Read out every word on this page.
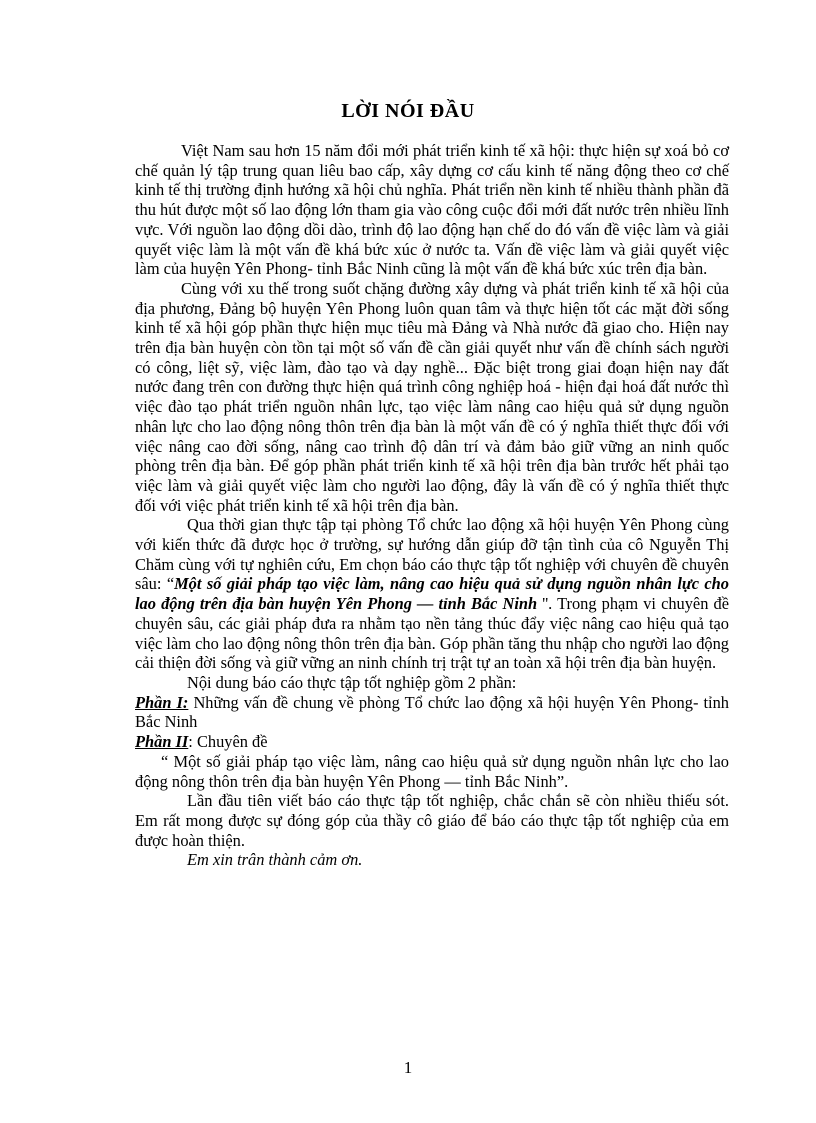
LỜI NÓI ĐẦU

Việt Nam sau hơn 15 năm đổi mới phát triển kinh tế xã hội: thực hiện sự xoá bỏ cơ chế quản lý tập trung quan liêu bao cấp, xây dựng cơ cấu kinh tế năng động theo cơ chế kinh tế thị trường định hướng xã hội chủ nghĩa. Phát triển nền kinh tế nhiều thành phần đã thu hút được một số lao động lớn tham gia vào công cuộc đổi mới đất nước trên nhiều lĩnh vực. Với nguồn lao động dồi dào, trình độ lao động hạn chế do đó vấn đề việc làm và giải quyết việc làm là một vấn đề khá bức xúc ở nước ta. Vấn đề việc làm và giải quyết việc làm của huyện Yên Phong- tỉnh Bắc Ninh cũng là một vấn đề khá bức xúc trên địa bàn.

Cùng với xu thế trong suốt chặng đường xây dựng và phát triển kinh tế xã hội của địa phương, Đảng bộ huyện Yên Phong luôn quan tâm và thực hiện tốt các mặt đời sống kinh tế xã hội góp phần thực hiện mục tiêu mà Đảng và Nhà nước đã giao cho. Hiện nay trên địa bàn huyện còn tồn tại một số vấn đề cần giải quyết như vấn đề chính sách người có công, liệt sỹ, việc làm, đào tạo và dạy nghề... Đặc biệt trong giai đoạn hiện nay đất nước đang trên con đường thực hiện quá trình công nghiệp hoá - hiện đại hoá đất nước thì việc đào tạo phát triển nguồn nhân lực, tạo việc làm nâng cao hiệu quả sử dụng nguồn nhân lực cho lao động nông thôn trên địa bàn là một vấn đề có ý nghĩa thiết thực đối với việc nâng cao đời sống, nâng cao trình độ dân trí và đảm bảo giữ vững an ninh quốc phòng trên địa bàn. Để góp phần phát triển kinh tế xã hội trên địa bàn trước hết phải tạo việc làm và giải quyết việc làm cho người lao động, đây là vấn đề có ý nghĩa thiết thực đối với việc phát triển kinh tế xã hội trên địa bàn.

Qua thời gian thực tập tại phòng Tổ chức lao động xã hội huyện Yên Phong cùng với kiến thức đã được học ở trường, sự hướng dẫn giúp đỡ tận tình của cô Nguyễn Thị Chăm cùng với tự nghiên cứu, Em chọn báo cáo thực tập tốt nghiệp với chuyên đề chuyên sâu: “Một số giải pháp tạo việc làm, nâng cao hiệu quả sử dụng nguồn nhân lực cho lao động trên địa bàn huyện Yên Phong — tỉnh Bắc Ninh ''. Trong phạm vi chuyên đề chuyên sâu, các giải pháp đưa ra nhằm tạo nền tảng thúc đẩy việc nâng cao hiệu quả tạo việc làm cho lao động nông thôn trên địa bàn. Góp phần tăng thu nhập cho người lao động cải thiện đời sống và giữ vững an ninh chính trị trật tự an toàn xã hội trên địa bàn huyện.

Nội dung báo cáo thực tập tốt nghiệp gồm 2 phần:

Phần I: Những vấn đề chung về phòng Tổ chức lao động xã hội huyện Yên Phong- tỉnh Bắc Ninh

Phần II: Chuyên đề

“ Một số giải pháp tạo việc làm, nâng cao hiệu quả sử dụng nguồn nhân lực cho lao động nông thôn trên địa bàn huyện Yên Phong — tỉnh Bắc Ninh”.

Lần đầu tiên viết báo cáo thực tập tốt nghiệp, chắc chắn sẽ còn nhiều thiếu sót. Em rất mong được sự đóng góp của thầy cô giáo để báo cáo thực tập tốt nghiệp của em được hoàn thiện.

Em xin trân thành cảm ơn.

1
